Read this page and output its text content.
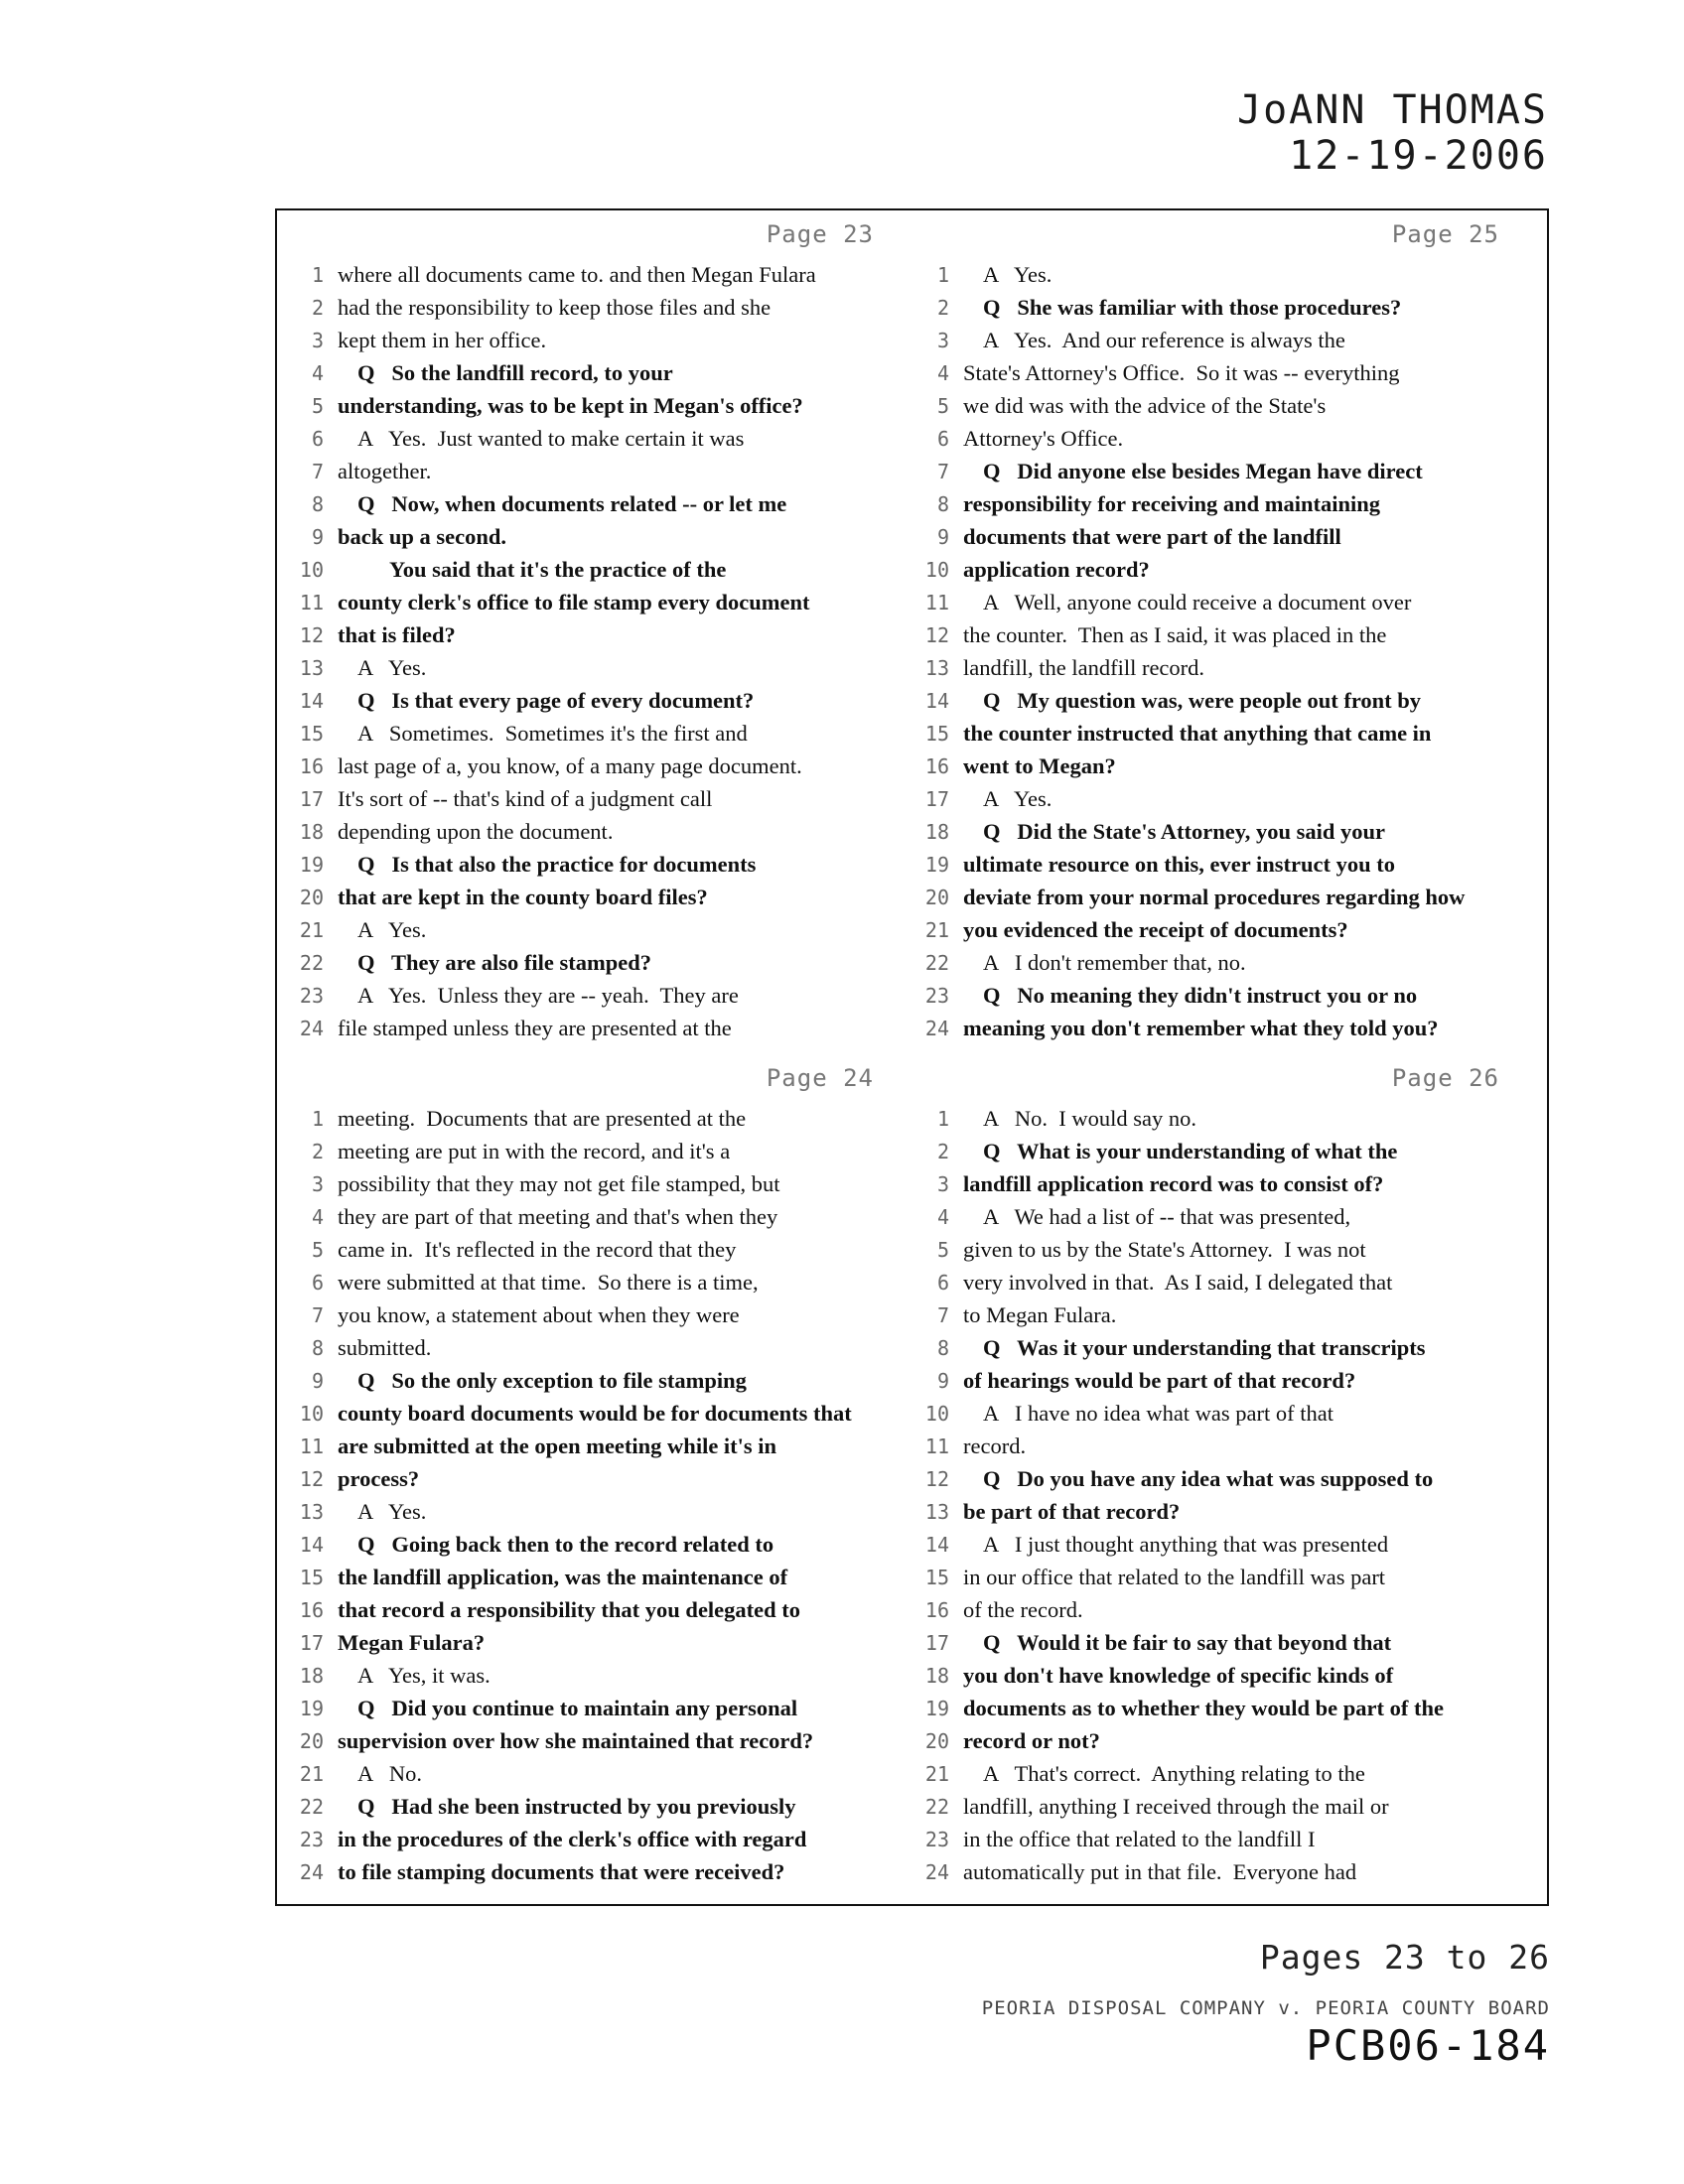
JoANN THOMAS
12-19-2006
Page 23
1 where all documents came to. and then Megan Fulara
2 had the responsibility to keep those files and she
3 kept them in her office.
4	Q   So the landfill record, to your
5 understanding, was to be kept in Megan's office?
6	A   Yes.  Just wanted to make certain it was
7 altogether.
8	Q   Now, when documents related -- or let me
9 back up a second.
10	You said that it's the practice of the
11 county clerk's office to file stamp every document
12 that is filed?
13	A   Yes.
14	Q   Is that every page of every document?
15	A   Sometimes.  Sometimes it's the first and
16 last page of a, you know, of a many page document.
17 It's sort of -- that's kind of a judgment call
18 depending upon the document.
19	Q   Is that also the practice for documents
20 that are kept in the county board files?
21	A   Yes.
22	Q   They are also file stamped?
23	A   Yes.  Unless they are -- yeah.  They are
24 file stamped unless they are presented at the
Page 25
1	A   Yes.
2	Q   She was familiar with those procedures?
3	A   Yes.  And our reference is always the
4 State's Attorney's Office.  So it was -- everything
5 we did was with the advice of the State's
6 Attorney's Office.
7	Q   Did anyone else besides Megan have direct
8 responsibility for receiving and maintaining
9 documents that were part of the landfill
10 application record?
11	A   Well, anyone could receive a document over
12 the counter.  Then as I said, it was placed in the
13 landfill, the landfill record.
14	Q   My question was, were people out front by
15 the counter instructed that anything that came in
16 went to Megan?
17	A   Yes.
18	Q   Did the State's Attorney, you said your
19 ultimate resource on this, ever instruct you to
20 deviate from your normal procedures regarding how
21 you evidenced the receipt of documents?
22	A   I don't remember that, no.
23	Q   No meaning they didn't instruct you or no
24 meaning you don't remember what they told you?
Page 24
1 meeting.  Documents that are presented at the
2 meeting are put in with the record, and it's a
3 possibility that they may not get file stamped, but
4 they are part of that meeting and that's when they
5 came in.  It's reflected in the record that they
6 were submitted at that time.  So there is a time,
7 you know, a statement about when they were
8 submitted.
9	Q   So the only exception to file stamping
10 county board documents would be for documents that
11 are submitted at the open meeting while it's in
12 process?
13	A   Yes.
14	Q   Going back then to the record related to
15 the landfill application, was the maintenance of
16 that record a responsibility that you delegated to
17 Megan Fulara?
18	A   Yes, it was.
19	Q   Did you continue to maintain any personal
20 supervision over how she maintained that record?
21	A   No.
22	Q   Had she been instructed by you previously
23 in the procedures of the clerk's office with regard
24 to file stamping documents that were received?
Page 26
1	A   No.  I would say no.
2	Q   What is your understanding of what the
3 landfill application record was to consist of?
4	A   We had a list of -- that was presented,
5 given to us by the State's Attorney.  I was not
6 very involved in that.  As I said, I delegated that
7 to Megan Fulara.
8	Q   Was it your understanding that transcripts
9 of hearings would be part of that record?
10	A   I have no idea what was part of that
11 record.
12	Q   Do you have any idea what was supposed to
13 be part of that record?
14	A   I just thought anything that was presented
15 in our office that related to the landfill was part
16 of the record.
17	Q   Would it be fair to say that beyond that
18 you don't have knowledge of specific kinds of
19 documents as to whether they would be part of the
20 record or not?
21	A   That's correct.  Anything relating to the
22 landfill, anything I received through the mail or
23 in the office that related to the landfill I
24 automatically put in that file.  Everyone had
Pages 23 to 26
PEORIA DISPOSAL COMPANY v. PEORIA COUNTY BOARD
PCB06-184
